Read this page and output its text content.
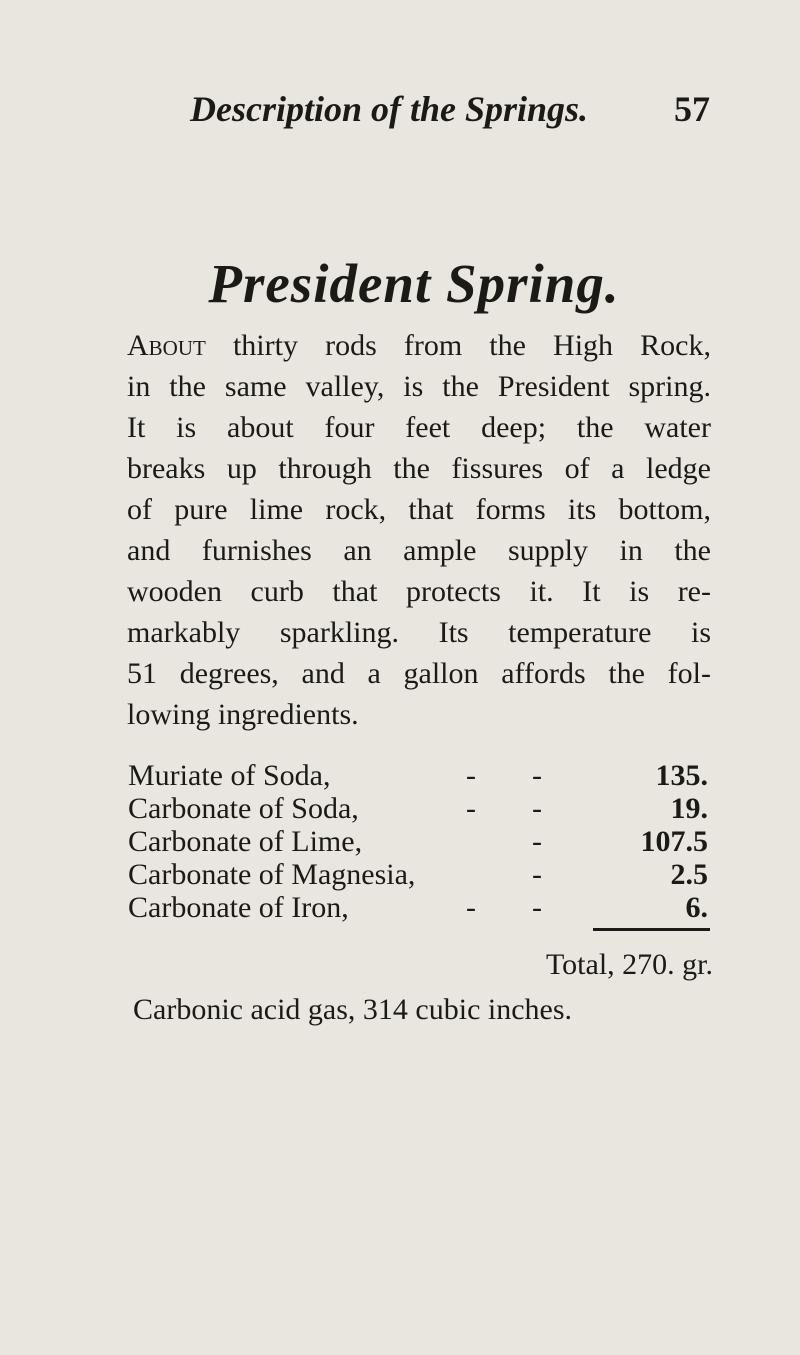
Description of the Springs. 57
President Spring.
About thirty rods from the High Rock,
in the same valley, is the President spring.
It is about four feet deep; the water
breaks up through the fissures of a ledge
of pure lime rock, that forms its bottom,
and furnishes an ample supply in the
wooden curb that protects it. It is re-
markably sparkling. Its temperature is
51 degrees, and a gallon affords the fol-
lowing ingredients.
Muriate of Soda,	- -	135.
Carbonate of Soda,	- -	19.
Carbonate of Lime,	-	107.5
Carbonate of Magnesia,	-	2.5
Carbonate of Iron,	- -	6.
Total, 270. gr.
Carbonic acid gas, 314 cubic inches.
